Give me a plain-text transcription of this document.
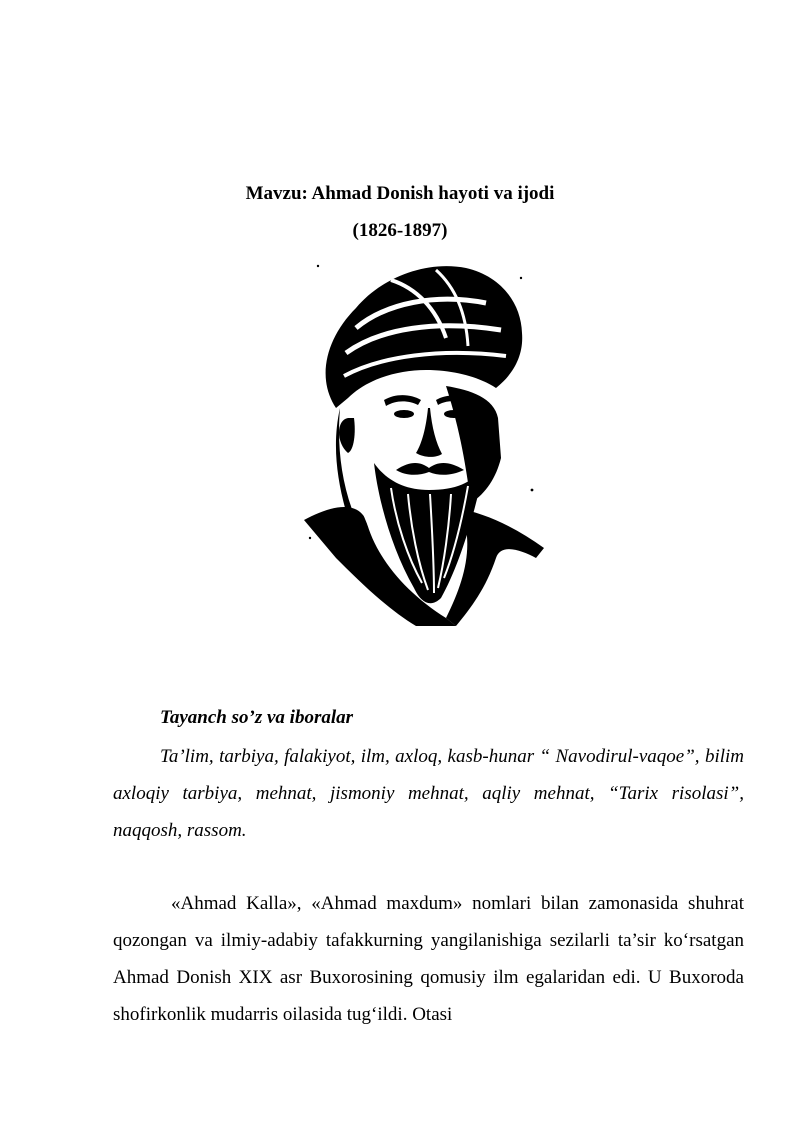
Mavzu: Ahmad Donish hayoti va ijodi
(1826-1897)
Tayanch so’z va iboralar
Ta’lim, tarbiya, falakiyot, ilm, axloq, kasb-hunar “ Navodirul-vaqoe”, bilim axloqiy tarbiya, mehnat, jismoniy mehnat, aqliy mehnat, “Tarix risolasi”, naqqosh, rassom.
«Ahmad Kalla», «Ahmad maxdum» nomlari bilan zamonasida shuhrat qozongan va ilmiy-adabiy tafakkurning yangilanishiga sezilarli ta’sir ko‘rsatgan Ahmad Donish XIX asr Buxorosining qomusiy ilm egalaridan edi. U Buxoroda shofirkonlik mudarris oilasida tug‘ildi. Otasi
